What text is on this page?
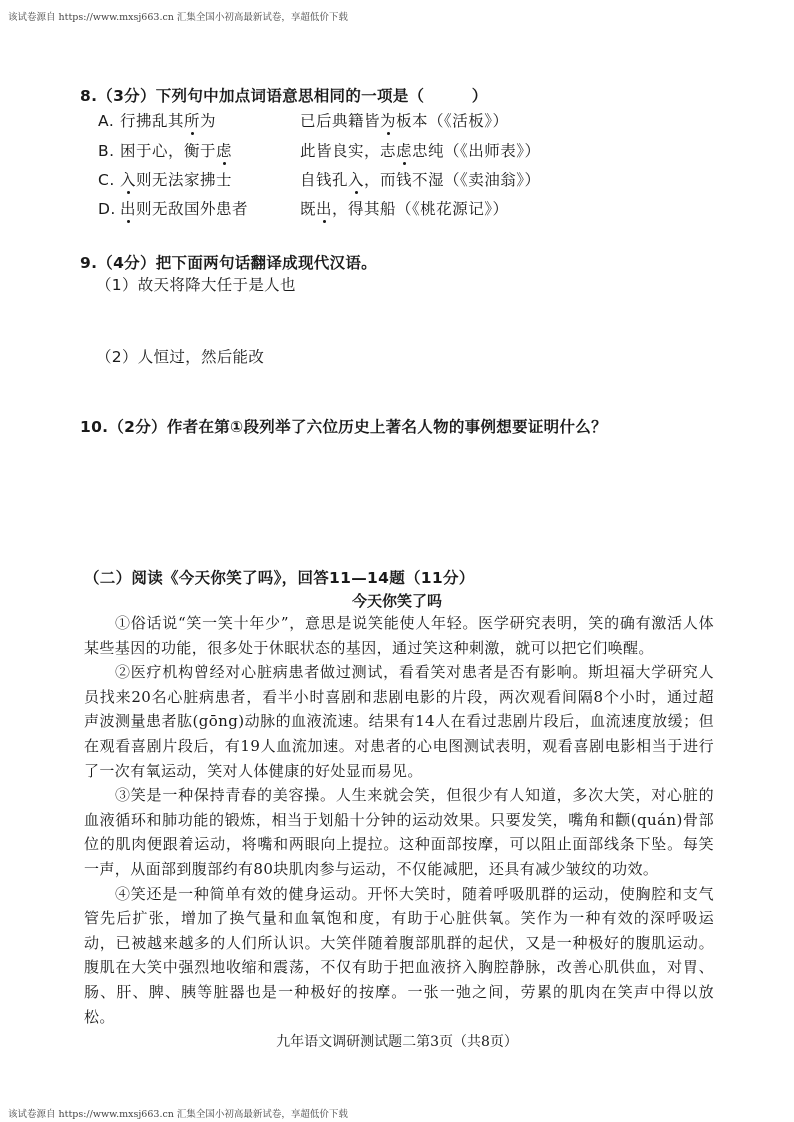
该试卷源自 https://www.mxsj663.cn 汇集全国小初高最新试卷，享超低价下载
8.（3分）下列句中加点词语意思相同的一项是（　　　）
A. 行拂乱其所为	已后典籍皆为板本（《活板》）
B. 困于心，衡于虑	此皆良实，志虑忠纯（《出师表》）
C. 入则无法家拂士	自钱孔入，而钱不湿（《卖油翁》）
D. 出则无敌国外患者	既出，得其船（《桃花源记》）
9.（4分）把下面两句话翻译成现代汉语。
（1）故天将降大任于是人也
（2）人恒过，然后能改
10.（2分）作者在第①段列举了六位历史上著名人物的事例想要证明什么？
（二）阅读《今天你笑了吗》，回答11—14题（11分）
今天你笑了吗

①俗话说“笑一笑十年少”，意思是说笑能使人年轻。医学研究表明，笑的确有激活人体某些基因的功能，很多处于休眠状态的基因，通过笑这种刺激，就可以把它们唤醒。

②医疗机构曾经对心脏病患者做过测试，看看笑对患者是否有影响。斯坦福大学研究人员找来20名心脏病患者，看半小时喜剧和悲剧电影的片段，两次观看间隔8个小时，通过超声波测量患者肱(gōng)动脉的血液流速。结果有14人在看过悲剧片段后，血流速度放缓；但在观看喜剧片段后，有19人血流加速。对患者的心电图测试表明，观看喜剧电影相当于进行了一次有氧运动，笑对人体健康的好处显而易见。

③笑是一种保持青春的美容操。人生来就会笑，但很少有人知道，多次大笑，对心脏的血液循环和肺功能的锻炼，相当于划船十分钟的运动效果。只要发笑，嘴角和颧(quán)骨部位的肌肉便跟着运动，将嘴和两眼向上提拉。这种面部按摩，可以阻止面部线条下坠。每笑一声，从面部到腹部约有80块肌肉参与运动，不仅能减肥，还具有减少皱纹的功效。

④笑还是一种简单有效的健身运动。开怀大笑时，随着呼吸肌群的运动，使胸腔和支气管先后扩张，增加了换气量和血氧饱和度，有助于心脏供氧。笑作为一种有效的深呼吸运动，已被越来越多的人们所认识。大笑伴随着腹部肌群的起伏，又是一种极好的腹肌运动。腹肌在大笑中强烈地收缩和震荡，不仅有助于把血液挤入胸腔静脉，改善心肌供血，对胃、肠、肝、脾、胰等脏器也是一种极好的按摩。一张一弛之间，劳累的肌肉在笑声中得以放松。

九年语文调研测试题二第3页（共8页）
该试卷源自 https://www.mxsj663.cn 汇集全国小初高最新试卷，享超低价下载
